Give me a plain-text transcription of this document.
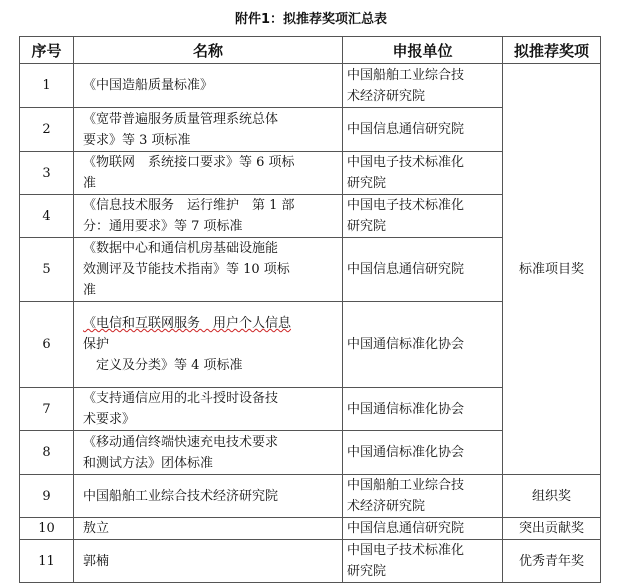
附件1：拟推荐奖项汇总表
序号	名称	申报单位	拟推荐奖项
1	《中国造船质量标准》	中国船舶工业综合技
术经济研究院	标准项目奖
2	《宽带普遍服务质量管理系统总体
要求》等 3 项标准	中国信息通信研究院	

3	《物联网　系统接口要求》等 6 项标
准	中国电子技术标准化
研究院	

4	《信息技术服务　运行维护　第 1 部
分：通用要求》等 7 项标准	中国电子技术标准化
研究院	

5	《数据中心和通信机房基础设施能
效测评及节能技术指南》等 10 项标
准	中国信息通信研究院	

6	《电信和互联网服务　用户个人信息
保护
　定义及分类》等 4 项标准	中国通信标准化协会	

7	《支持通信应用的北斗授时设备技
术要求》	中国通信标准化协会	

8	《移动通信终端快速充电技术要求
和测试方法》团体标准	中国通信标准化协会	

9	中国船舶工业综合技术经济研究院	中国船舶工业综合技
术经济研究院	组织奖
10	敖立	中国信息通信研究院	突出贡献奖
11	郭楠	中国电子技术标准化
研究院	优秀青年奖
